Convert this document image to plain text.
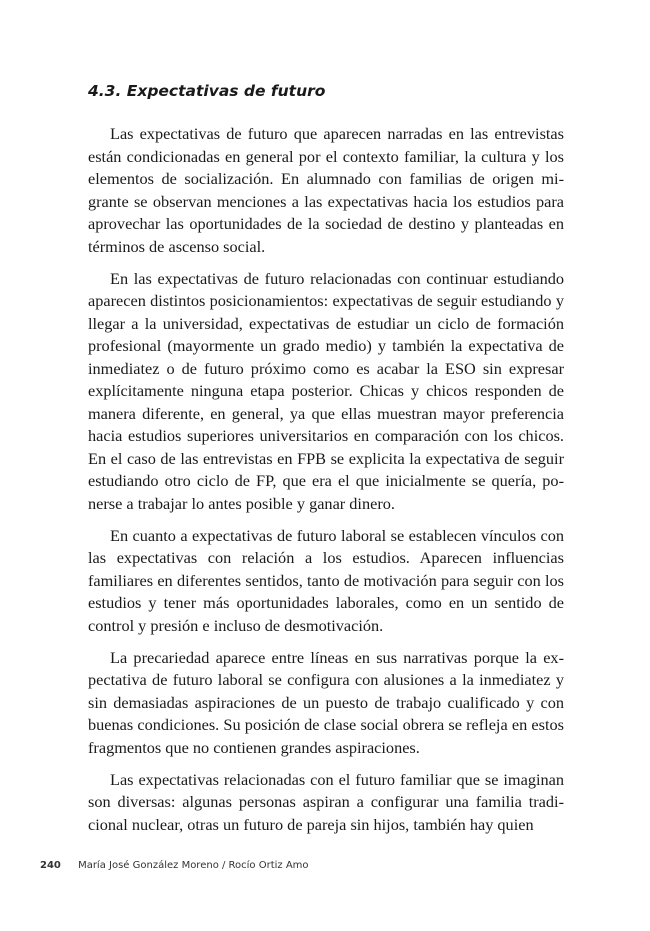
4.3. Expectativas de futuro

Las expectativas de futuro que aparecen narradas en las entrevistas están condicionadas en general por el contexto familiar, la cultura y los elementos de socialización. En alumnado con familias de origen migrante se observan menciones a las expectativas hacia los estudios para aprovechar las oportunidades de la sociedad de destino y planteadas en términos de ascenso social.

En las expectativas de futuro relacionadas con continuar estudiando aparecen distintos posicionamientos: expectativas de seguir estudiando y llegar a la universidad, expectativas de estudiar un ciclo de formación profesional (mayormente un grado medio) y también la expectativa de inmediatez o de futuro próximo como es acabar la ESO sin expresar explícitamente ninguna etapa posterior. Chicas y chicos responden de manera diferente, en general, ya que ellas muestran mayor preferencia hacia estudios superiores universitarios en comparación con los chicos. En el caso de las entrevistas en FPB se explicita la expectativa de seguir estudiando otro ciclo de FP, que era el que inicialmente se quería, ponerse a trabajar lo antes posible y ganar dinero.

En cuanto a expectativas de futuro laboral se establecen vínculos con las expectativas con relación a los estudios. Aparecen influencias familiares en diferentes sentidos, tanto de motivación para seguir con los estudios y tener más oportunidades laborales, como en un sentido de control y presión e incluso de desmotivación.

La precariedad aparece entre líneas en sus narrativas porque la expectativa de futuro laboral se configura con alusiones a la inmediatez y sin demasiadas aspiraciones de un puesto de trabajo cualificado y con buenas condiciones. Su posición de clase social obrera se refleja en estos fragmentos que no contienen grandes aspiraciones.

Las expectativas relacionadas con el futuro familiar que se imaginan son diversas: algunas personas aspiran a configurar una familia tradicional nuclear, otras un futuro de pareja sin hijos, también hay quien

240 María José González Moreno / Rocío Ortiz Amo
